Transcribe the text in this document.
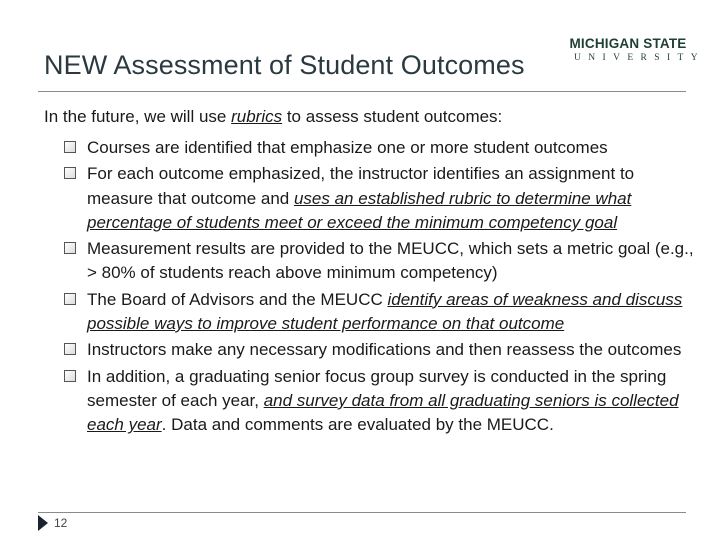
NEW Assessment of Student Outcomes
MICHIGAN STATE
UNIVERSITY
In the future, we will use rubrics to assess student outcomes:
Courses are identified that emphasize one or more student outcomes
For each outcome emphasized, the instructor identifies an assignment to measure that outcome and uses an established rubric to determine what percentage of students meet or exceed the minimum competency goal
Measurement results are provided to the MEUCC, which sets a metric goal (e.g., > 80% of students reach above minimum competency)
The Board of Advisors and the MEUCC identify areas of weakness and discuss possible ways to improve student performance on that outcome
Instructors make any necessary modifications and then reassess the outcomes
In addition, a graduating senior focus group survey is conducted in the spring semester of each year, and survey data from all graduating seniors is collected each year. Data and comments are evaluated by the MEUCC.
12
